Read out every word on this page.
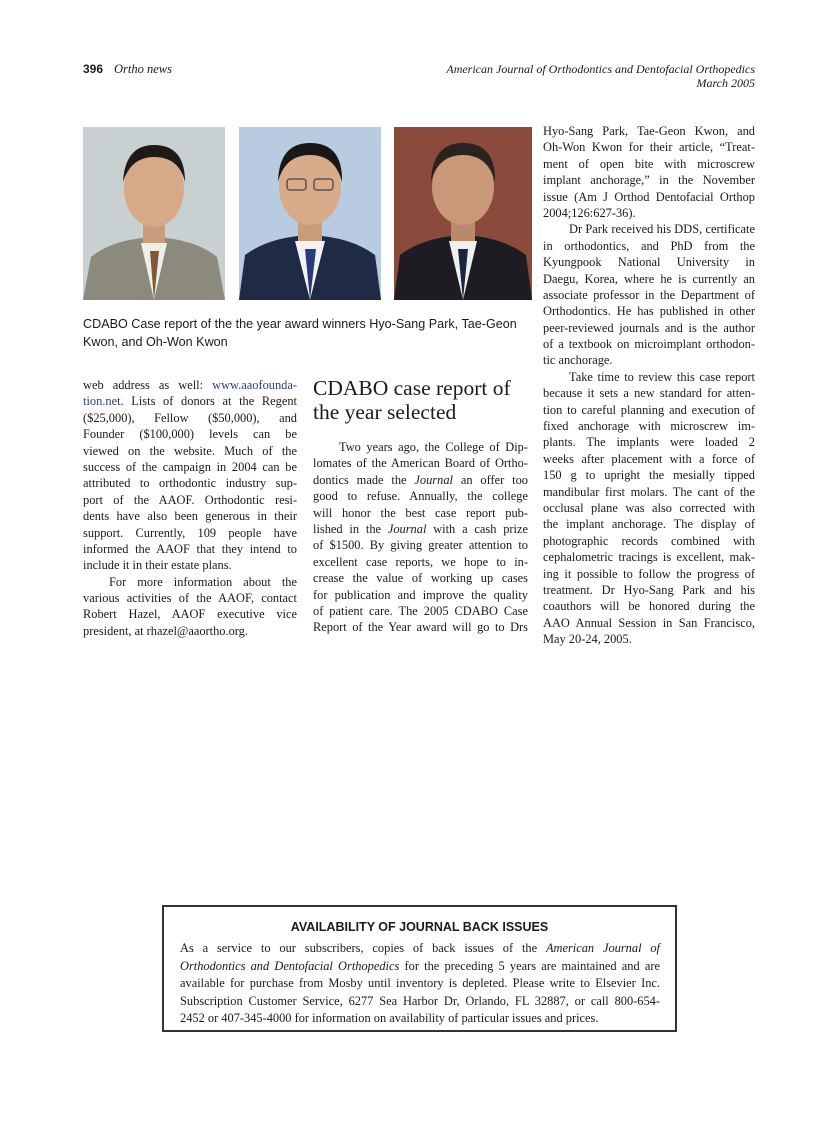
396 Ortho news	American Journal of Orthodontics and Dentofacial Orthopedics
March 2005
CDABO Case report of the the year award winners Hyo-Sang Park, Tae-Geon Kwon, and Oh-Won Kwon
web address as well: www.aaofounda-
tion.net. Lists of donors at the Regent
($25,000), Fellow ($50,000), and
Founder ($100,000) levels can be
viewed on the website. Much of the
success of the campaign in 2004 can be
attributed to orthodontic industry sup-
port of the AAOF. Orthodontic resi-
dents have also been generous in their
support. Currently, 109 people have
informed the AAOF that they intend to
include it in their estate plans.
For more information about the
various activities of the AAOF, contact
Robert Hazel, AAOF executive vice
president, at rhazel@aaortho.org.
CDABO case report of
the year selected
Two years ago, the College of Dip-
lomates of the American Board of Ortho-
dontics made the Journal an offer too
good to refuse. Annually, the college
will honor the best case report pub-
lished in the Journal with a cash prize
of $1500. By giving greater attention to
excellent case reports, we hope to in-
crease the value of working up cases
for publication and improve the quality
of patient care. The 2005 CDABO Case
Report of the Year award will go to Drs
Hyo-Sang Park, Tae-Geon Kwon, and
Oh-Won Kwon for their article, “Treat-
ment of open bite with microscrew
implant anchorage,” in the November
issue (Am J Orthod Dentofacial Orthop
2004;126:627-36).
Dr Park received his DDS, certificate
in orthodontics, and PhD from the
Kyungpook National University in
Daegu, Korea, where he is currently an
associate professor in the Department of
Orthodontics. He has published in other
peer-reviewed journals and is the author
of a textbook on microimplant orthodon-
tic anchorage.
Take time to review this case report
because it sets a new standard for atten-
tion to careful planning and execution of
fixed anchorage with microscrew im-
plants. The implants were loaded 2
weeks after placement with a force of
150 g to upright the mesially tipped
mandibular first molars. The cant of the
occlusal plane was also corrected with
the implant anchorage. The display of
photographic records combined with
cephalometric tracings is excellent, mak-
ing it possible to follow the progress of
treatment. Dr Hyo-Sang Park and his
coauthors will be honored during the
AAO Annual Session in San Francisco,
May 20-24, 2005.
AVAILABILITY OF JOURNAL BACK ISSUES
As a service to our subscribers, copies of back issues of the American Journal of
Orthodontics and Dentofacial Orthopedics for the preceding 5 years are maintained and are
available for purchase from Mosby until inventory is depleted. Please write to Elsevier Inc.
Subscription Customer Service, 6277 Sea Harbor Dr, Orlando, FL 32887, or call 800-654-
2452 or 407-345-4000 for information on availability of particular issues and prices.
